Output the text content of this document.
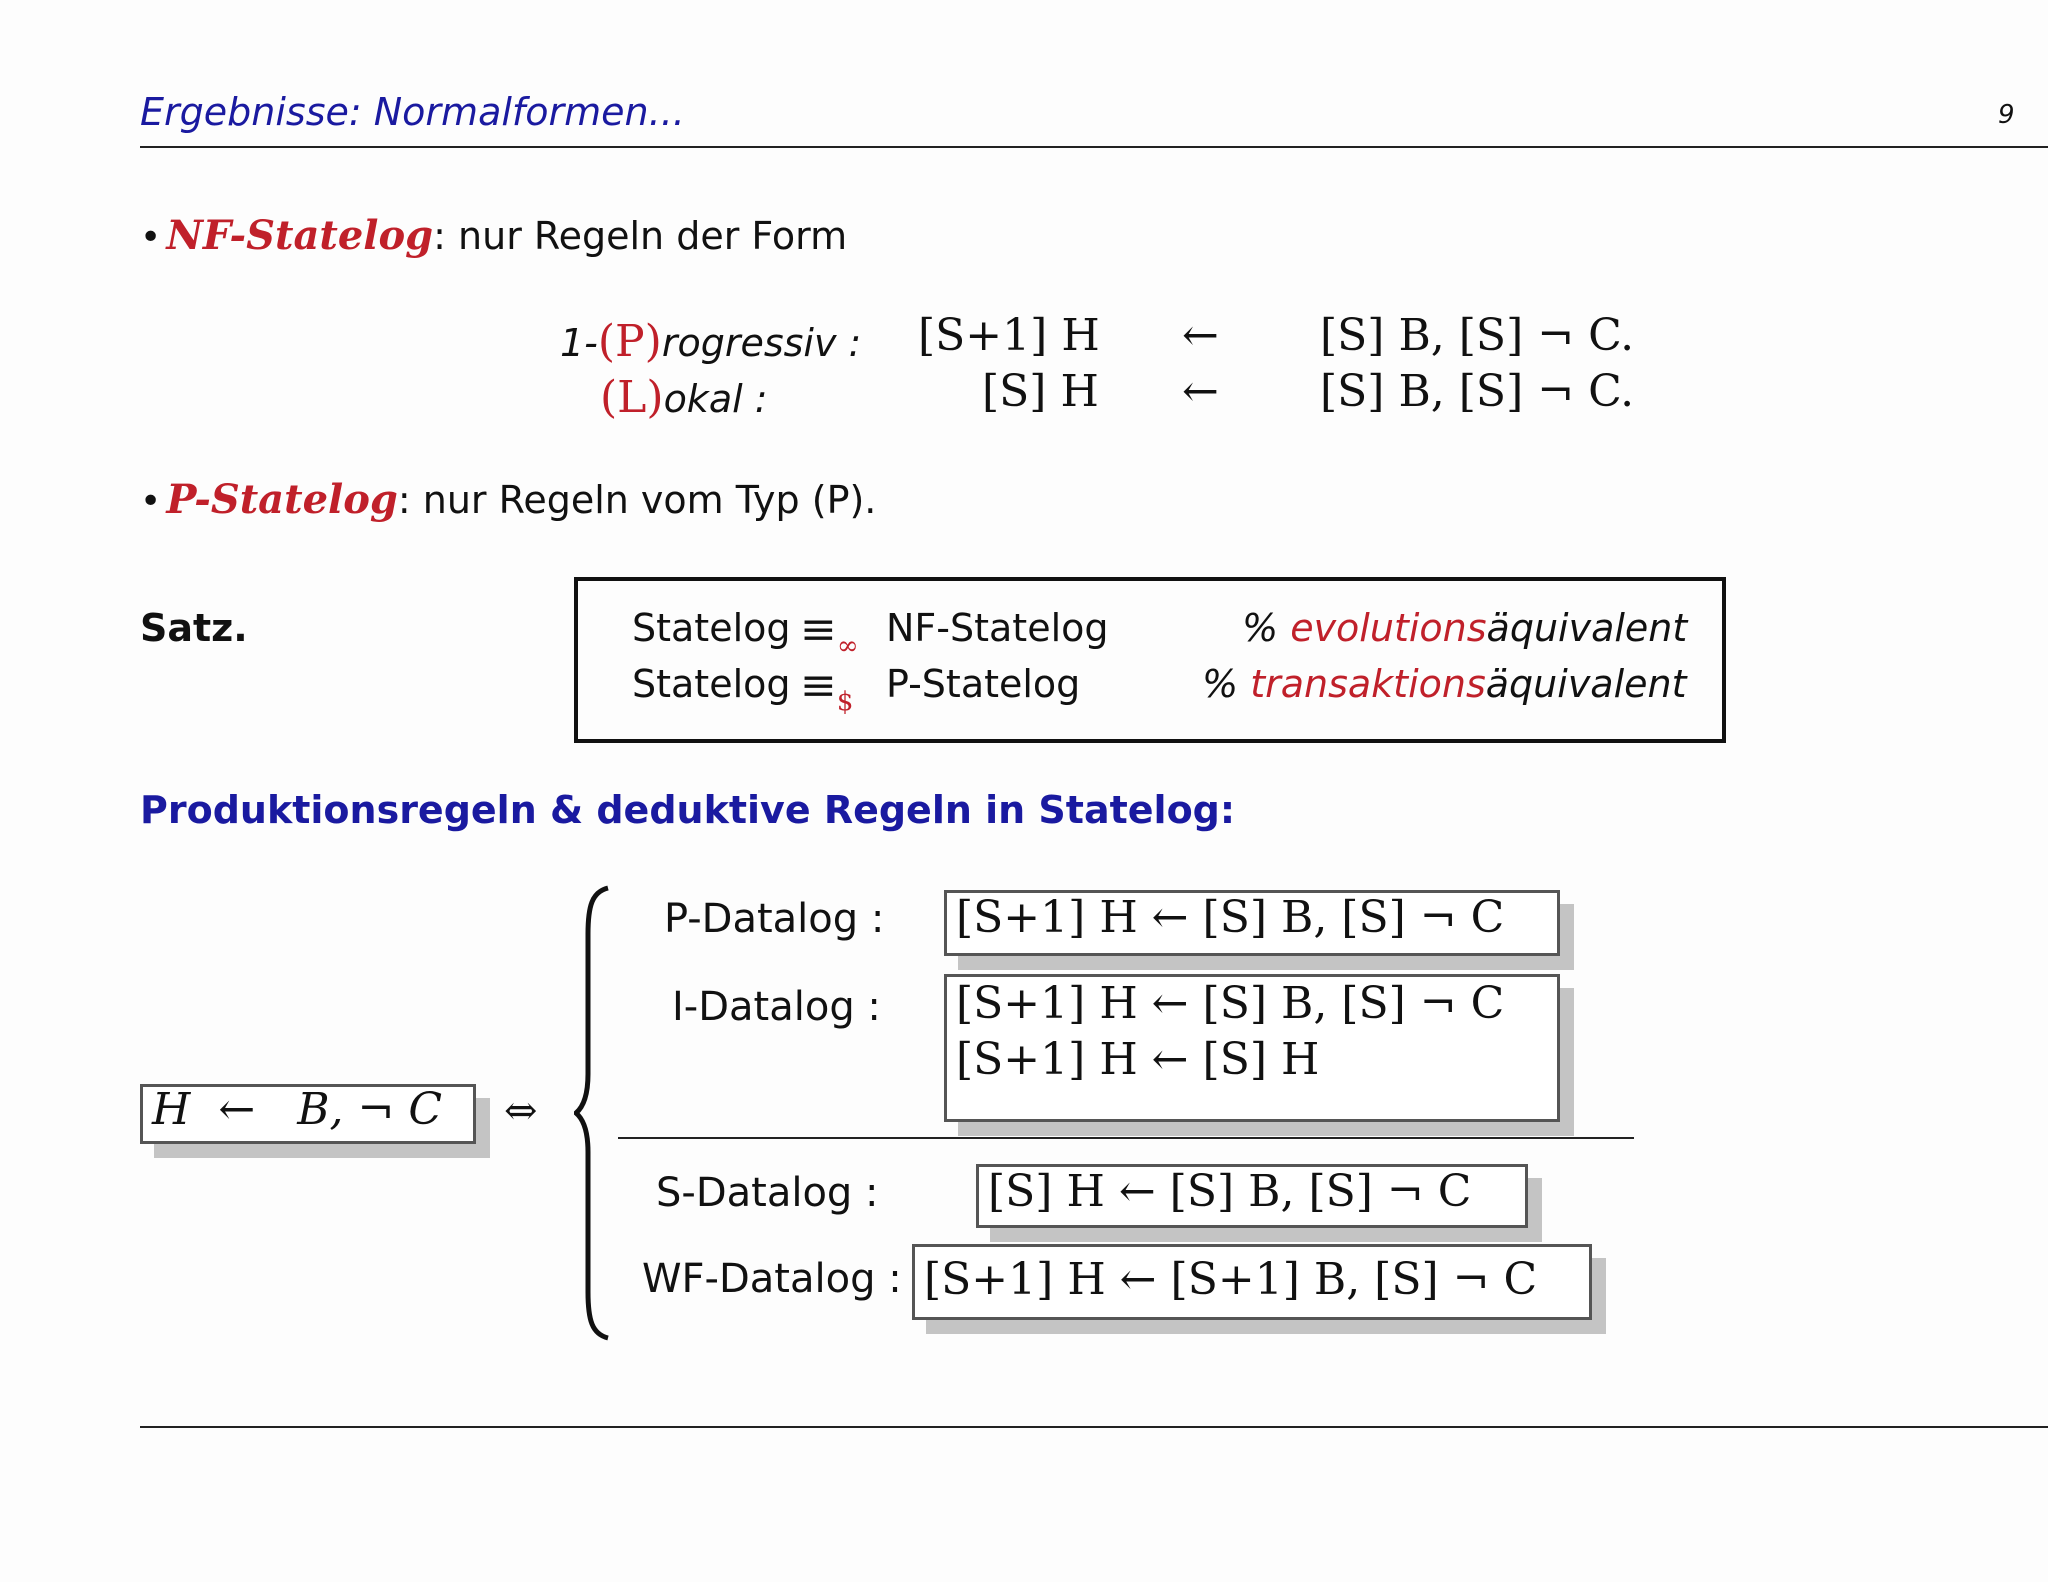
Ergebnisse: Normalformen...	9
• NF-Statelog: nur Regeln der Form
1-(P)rogressiv : [S+1] H ← [S] B, [S] ¬ C.
(L)okal :	[S] H ← [S] B, [S] ¬ C.
• P-Statelog: nur Regeln vom Typ (P).
Satz.	Statelog $\equiv_\infty$ NF-Statelog	% evolutionsäquivalent
Statelog $\equiv_{\$}$ P-Statelog	% transaktionsäquivalent
Produktionsregeln & deduktive Regeln in Statelog:
H ← B, ¬ C ⇔
P-Datalog : [S+1] H ← [S] B, [S] ¬ C
I-Datalog : [S+1] H ← [S] B, [S] ¬ C
[S+1] H ← [S] H
S-Datalog : [S] H ← [S] B, [S] ¬ C
WF-Datalog : [S+1] H ← [S+1] B, [S] ¬ C
